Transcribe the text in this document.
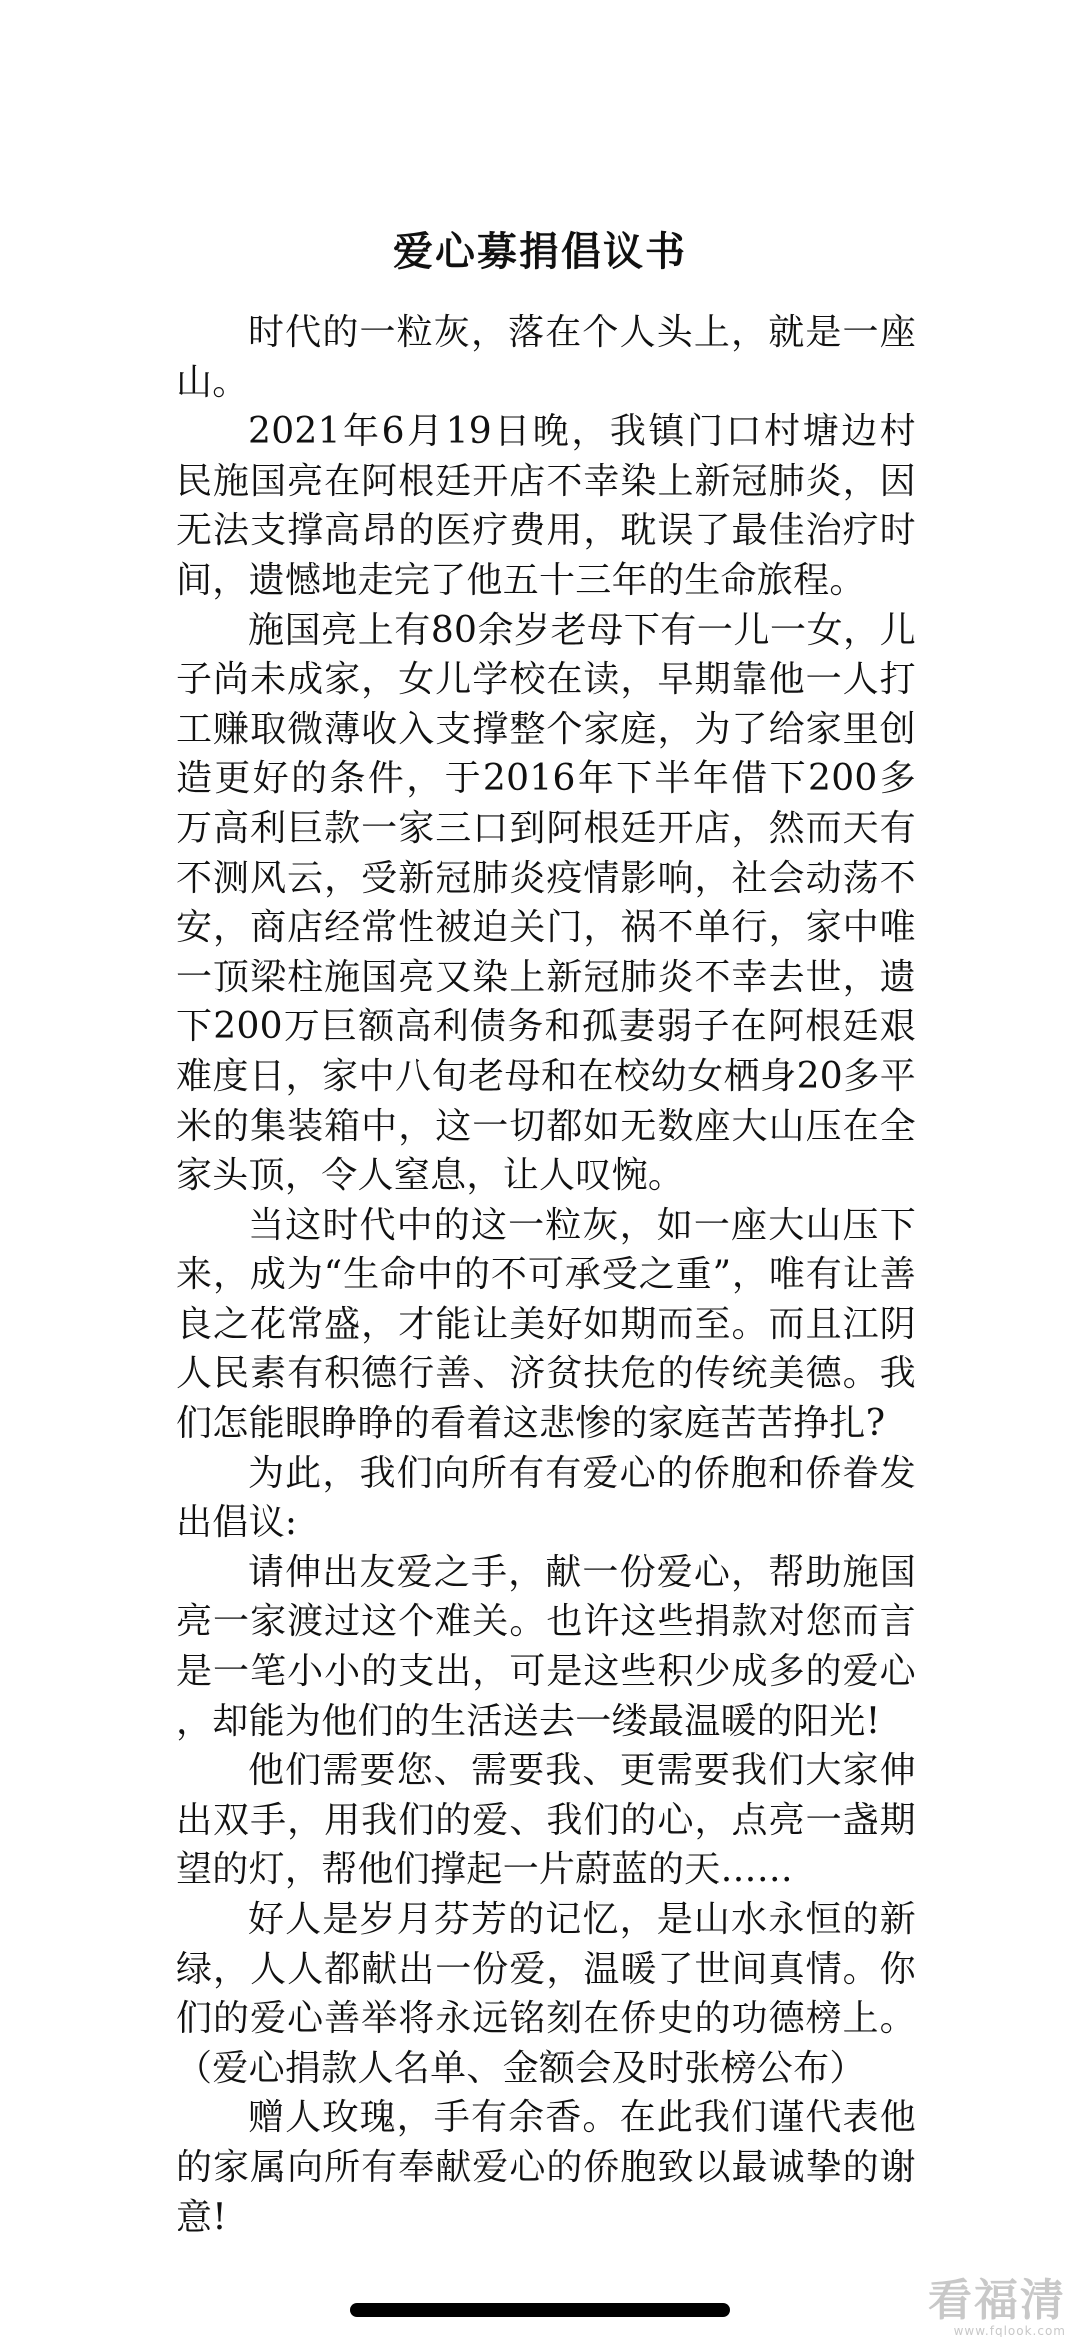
爱心募捐倡议书

时代的一粒灰，落在个人头上，就是一座山。

2021年6月19日晚，我镇门口村塘边村民施国亮在阿根廷开店不幸染上新冠肺炎，因无法支撑高昂的医疗费用，耽误了最佳治疗时间，遗憾地走完了他五十三年的生命旅程。

施国亮上有80余岁老母下有一儿一女，儿子尚未成家，女儿学校在读，早期靠他一人打工赚取微薄收入支撑整个家庭，为了给家里创造更好的条件，于2016年下半年借下200多万高利巨款一家三口到阿根廷开店，然而天有不测风云，受新冠肺炎疫情影响，社会动荡不安，商店经常性被迫关门，祸不单行，家中唯一顶梁柱施国亮又染上新冠肺炎不幸去世，遗下200万巨额高利债务和孤妻弱子在阿根廷艰难度日，家中八旬老母和在校幼女栖身20多平米的集装箱中，这一切都如无数座大山压在全家头顶，令人窒息，让人叹惋。

当这时代中的这一粒灰，如一座大山压下来，成为“生命中的不可承受之重”，唯有让善良之花常盛，才能让美好如期而至。而且江阴人民素有积德行善、济贫扶危的传统美德。我们怎能眼睁睁的看着这悲惨的家庭苦苦挣扎?

为此，我们向所有有爱心的侨胞和侨眷发出倡议:

请伸出友爱之手，献一份爱心，帮助施国亮一家渡过这个难关。也许这些捐款对您而言是一笔小小的支出，可是这些积少成多的爱心，却能为他们的生活送去一缕最温暖的阳光!

他们需要您、需要我、更需要我们大家伸出双手，用我们的爱、我们的心，点亮一盏期望的灯，帮他们撑起一片蔚蓝的天……

好人是岁月芬芳的记忆，是山水永恒的新绿，人人都献出一份爱，温暖了世间真情。你们的爱心善举将永远铭刻在侨史的功德榜上。（爱心捐款人名单、金额会及时张榜公布）

赠人玫瑰，手有余香。在此我们谨代表他的家属向所有奉献爱心的侨胞致以最诚挚的谢意!

看福清
www.fqlook.com
